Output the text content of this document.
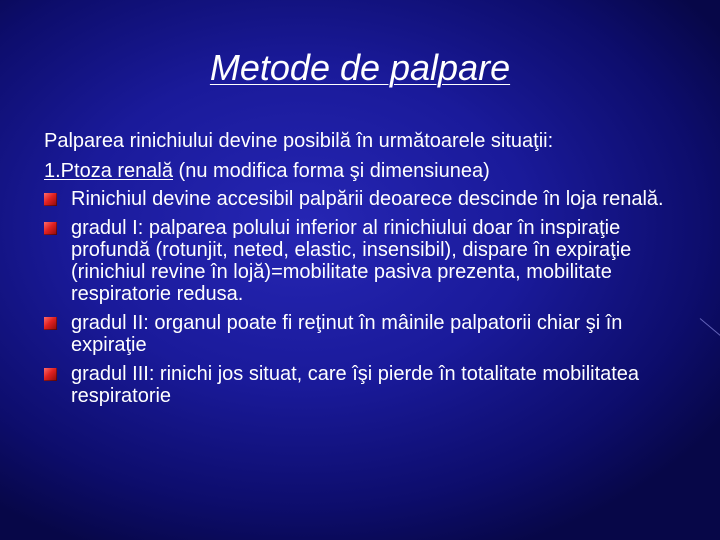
Metode de palpare

Palparea rinichiului devine posibilă în următoarele situaţii:

1.Ptoza renală (nu modifica forma şi dimensiunea)

Rinichiul devine accesibil palpării deoarece descinde în loja renală.
gradul I: palparea polului inferior al rinichiului doar în inspiraţie profundă (rotunjit, neted, elastic, insensibil), dispare în expiraţie (rinichiul revine în lojă)=mobilitate pasiva prezenta, mobilitate respiratorie redusa.
gradul II: organul poate fi reţinut în mâinile palpatorii chiar şi în expiraţie
gradul III: rinichi jos situat, care îşi pierde în totalitate mobilitatea respiratorie
